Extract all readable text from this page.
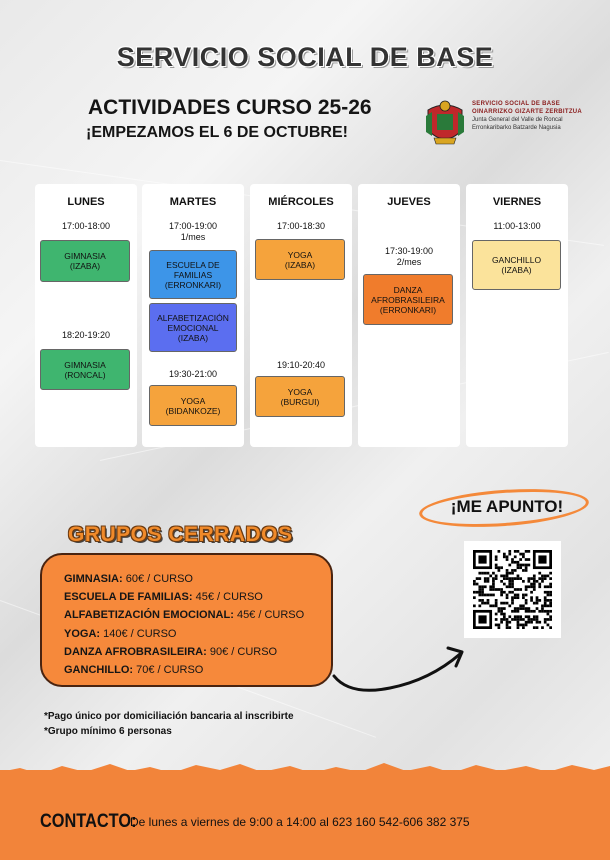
SERVICIO SOCIAL DE BASE
ACTIVIDADES CURSO 25-26
¡EMPEZAMOS EL 6 DE OCTUBRE!
SERVICIO SOCIAL DE BASE
OINARRIZKO GIZARTE ZERBITZUA
Junta General del Valle de Roncal
Erronkaribarko Batzarde Nagusia
LUNES
17:00-18:00
GIMNASIA
(IZABA)
18:20-19:20
GIMNASIA
(RONCAL)
MARTES
17:00-19:00
1/mes
ESCUELA DE
FAMILIAS
(ERRONKARI)
ALFABETIZACIÓN
EMOCIONAL
(IZABA)
19:30-21:00
YOGA
(BIDANKOZE)
MIÉRCOLES
17:00-18:30
YOGA
(IZABA)
19:10-20:40
YOGA
(BURGUI)
JUEVES
17:30-19:00
2/mes
DANZA
AFROBRASILEIRA
(ERRONKARI)
VIERNES
11:00-13:00
GANCHILLO
(IZABA)
GRUPOS CERRADOS
GIMNASIA: 60€ / CURSO
ESCUELA DE FAMILIAS: 45€ / CURSO
ALFABETIZACIÓN EMOCIONAL: 45€ / CURSO
YOGA: 140€ / CURSO
DANZA AFROBRASILEIRA: 90€ / CURSO
GANCHILLO: 70€ / CURSO
¡ME APUNTO!
*Pago único por domiciliación bancaria al inscribirte
*Grupo mínimo 6 personas
CONTACTO:
De lunes a viernes de 9:00 a 14:00 al 623 160 542-606 382 375
